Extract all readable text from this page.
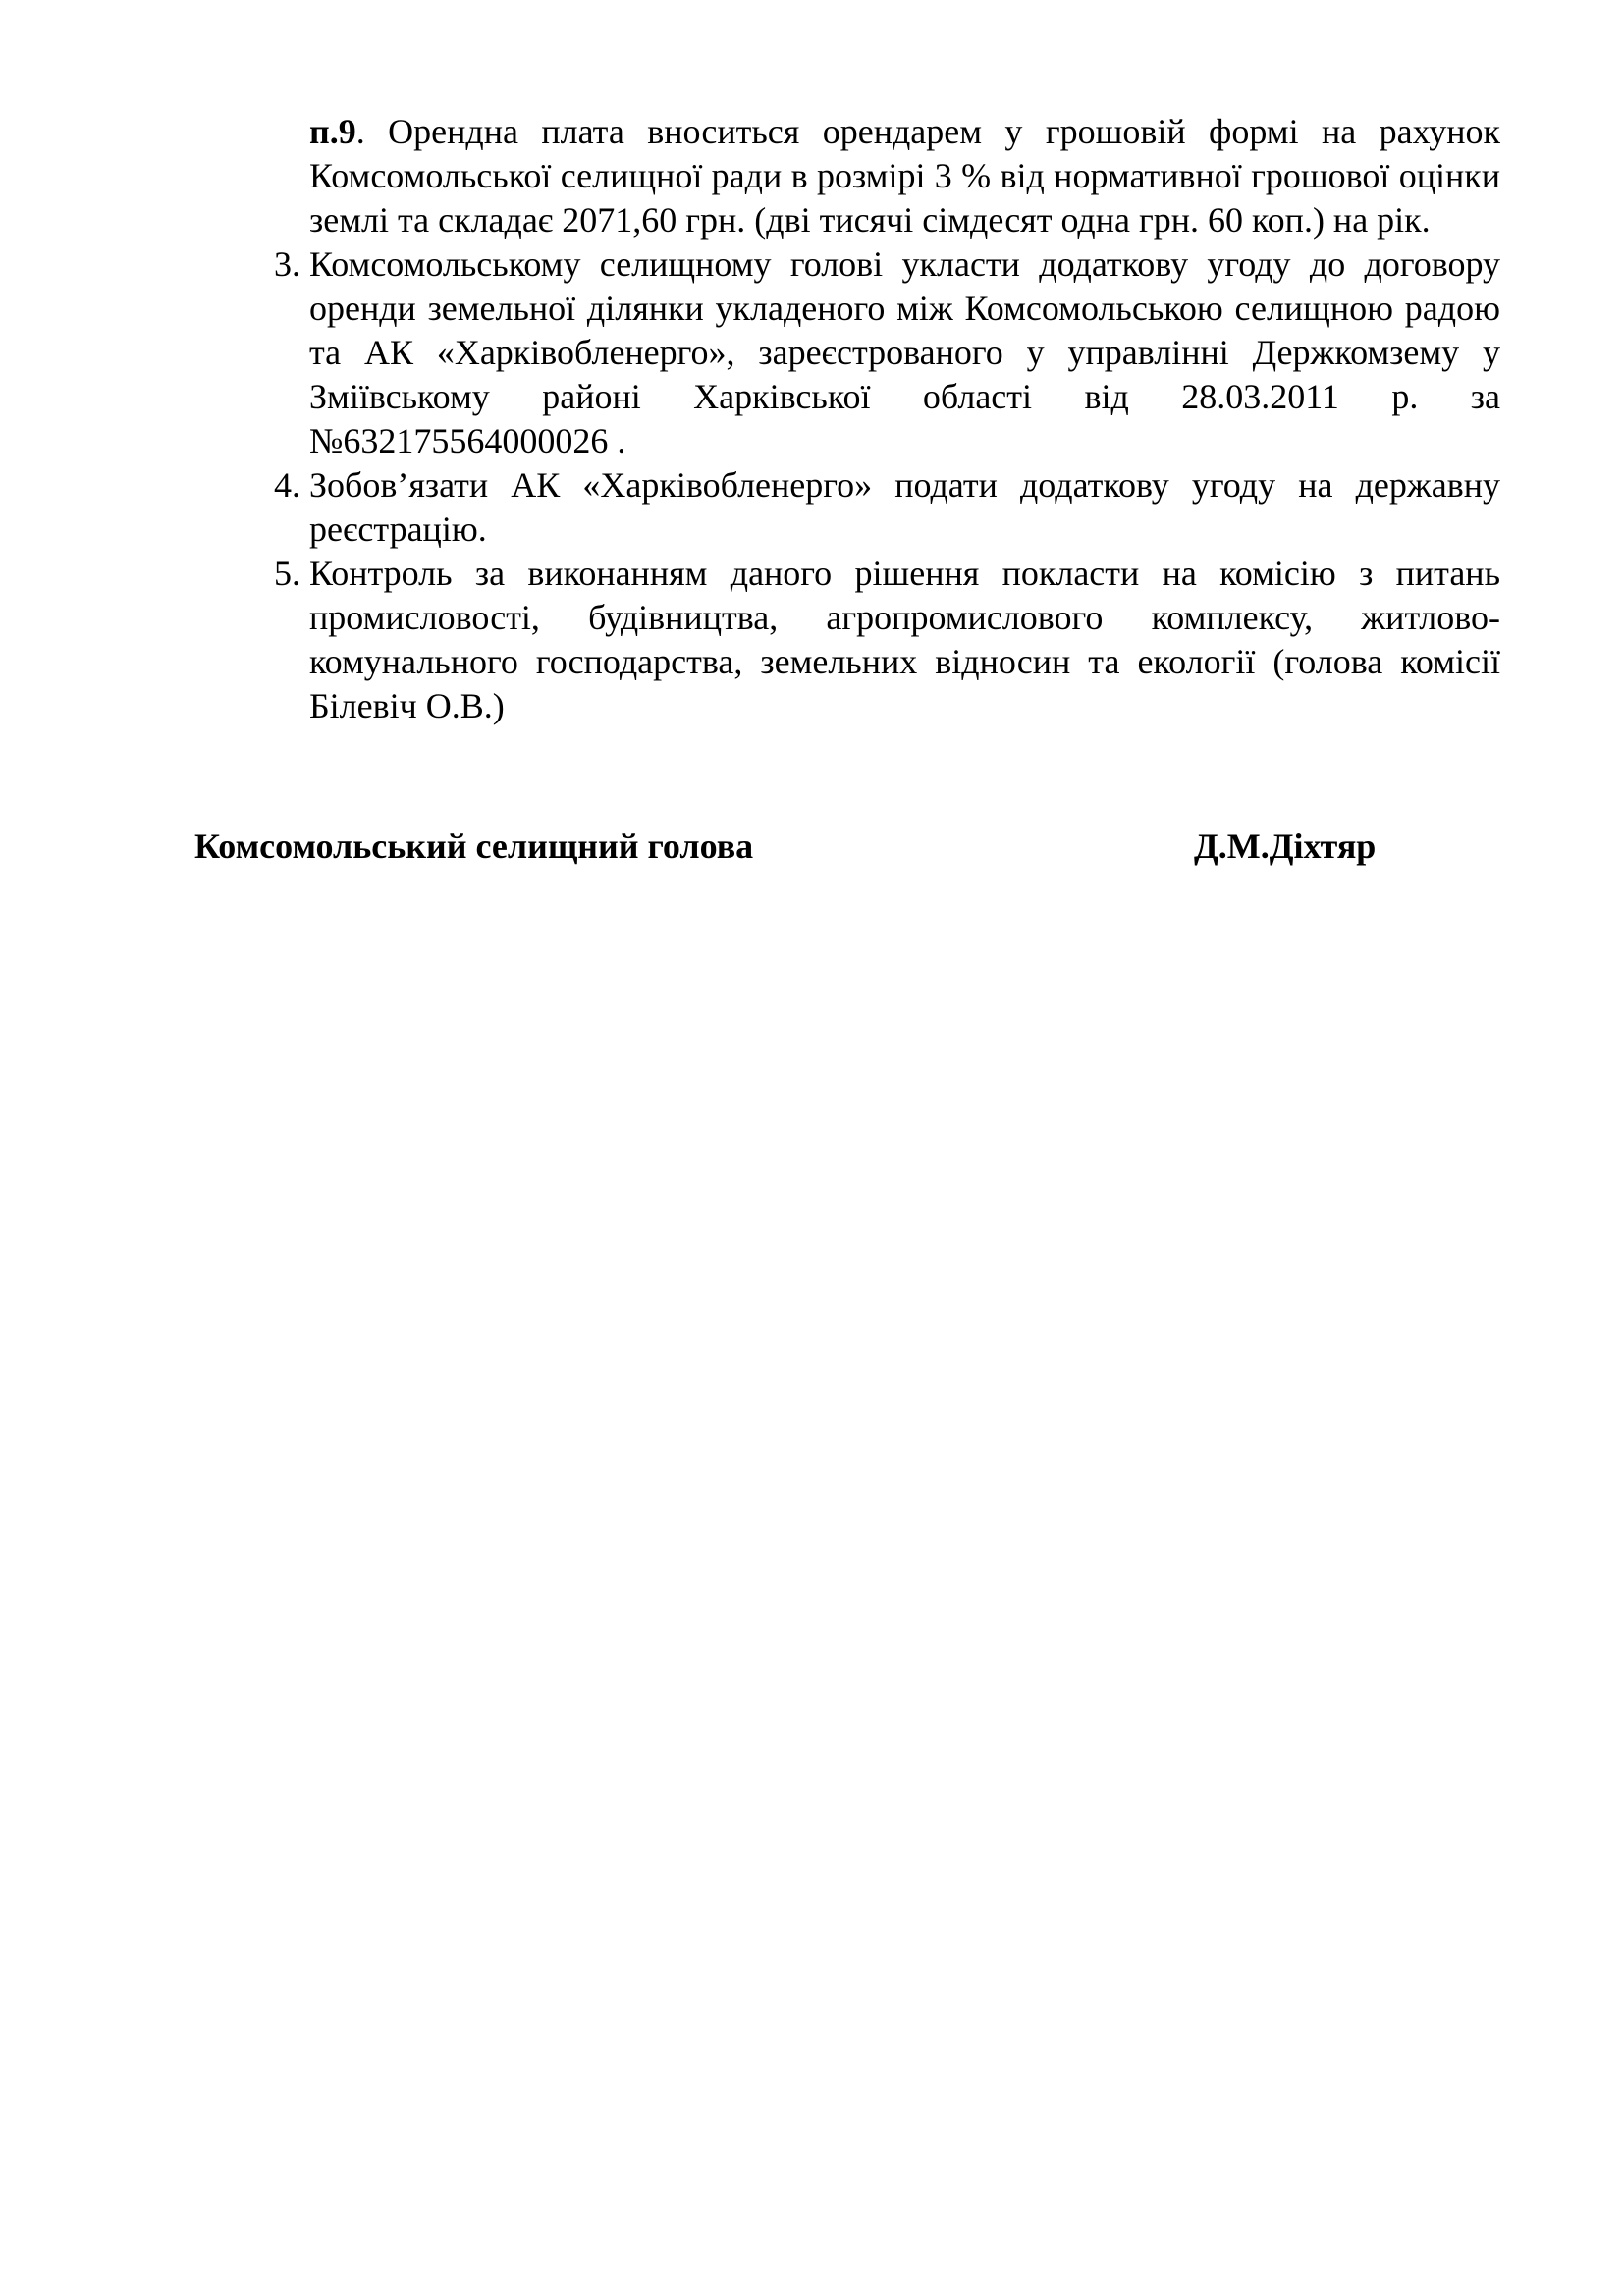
п.9. Орендна плата вноситься орендарем у грошовій формі на рахунок Комсомольської селищної ради в розмірі 3 % від нормативної грошової оцінки землі та складає 2071,60 грн. (дві тисячі сімдесят одна грн. 60 коп.) на рік.

3. Комсомольському селищному голові укласти додаткову угоду до договору оренди земельної ділянки укладеного між Комсомольською селищною радою та АК «Харківобленерго», зареєстрованого у управлінні Держкомзему у Зміївському районі Харківської області від 28.03.2011 р. за №632175564000026 .
4. Зобов’язати АК «Харківобленерго» подати додаткову угоду на державну реєстрацію.
5. Контроль за виконанням даного рішення покласти на комісію з питань промисловості, будівництва, агропромислового комплексу, житлово-комунального господарства, земельних відносин та екології (голова комісії Білевіч О.В.)
Комсомольський селищний голова	Д.М.Діхтяр
